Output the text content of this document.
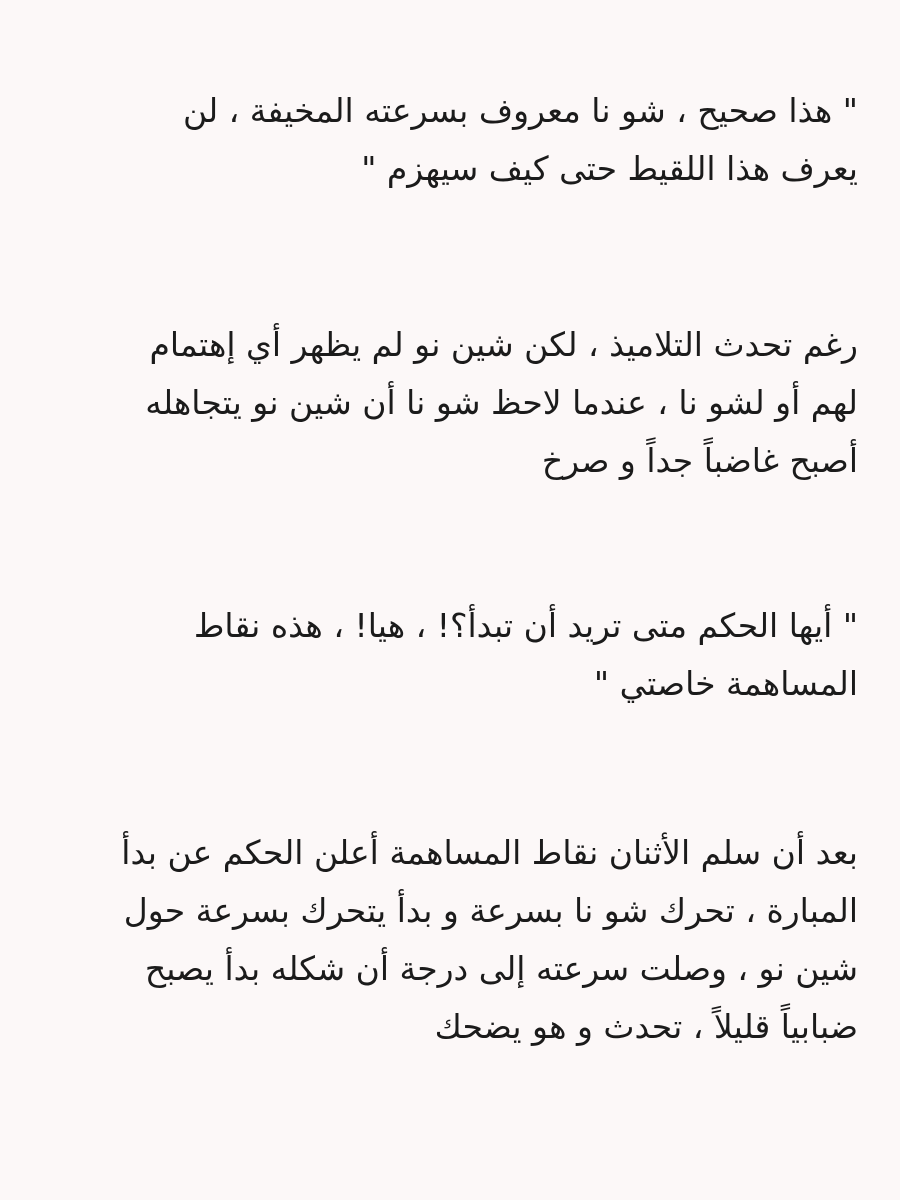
" هذا صحيح ، شو نا معروف بسرعته المخيفة ، لن
يعرف هذا اللقيط حتى كيف سيهزم "

رغم تحدث التلاميذ ، لكن شين نو لم يظهر أي إهتمام
لهم أو لشو نا ، عندما لاحظ شو نا أن شين نو يتجاهله
أصبح غاضباً جداً و صرخ

" أيها الحكم متى تريد أن تبدأ؟! ، هيا! ، هذه نقاط
المساهمة خاصتي "

بعد أن سلم الأثنان نقاط المساهمة أعلن الحكم عن بدأ
المبارة ، تحرك شو نا بسرعة و بدأ يتحرك بسرعة حول
شين نو ، وصلت سرعته إلى درجة أن شكله بدأ يصبح
ضبابياً قليلاً ، تحدث و هو يضحك
